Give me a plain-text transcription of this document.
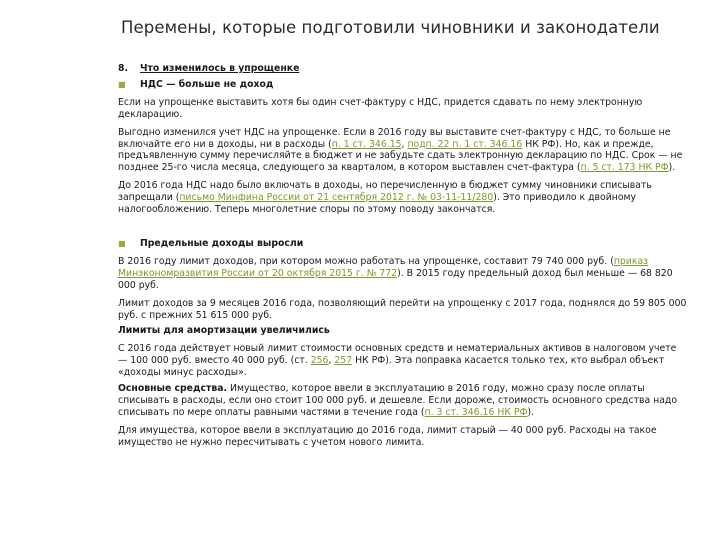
Перемены, которые подготовили чиновники и законодатели
8.	Что изменилось в упрощенке
■	НДС — больше не доход

Если на упрощенке выставить хотя бы один счет-фактуру с НДС, придется сдавать по нему электронную декларацию.

Выгодно изменился учет НДС на упрощенке. Если в 2016 году вы выставите счет-фактуру с НДС, то больше не включайте его ни в доходы, ни в расходы (п. 1 ст. 346.15, подп. 22 п. 1 ст. 346.16 НК РФ). Но, как и прежде, предъявленную сумму перечисляйте в бюджет и не забудьте сдать электронную декларацию по НДС. Срок — не позднее 25-го числа месяца, следующего за кварталом, в котором выставлен счет-фактура (п. 5 ст. 173 НК РФ).

До 2016 года НДС надо было включать в доходы, но перечисленную в бюджет сумму чиновники списывать запрещали (письмо Минфина России от 21 сентября 2012 г. № 03-11-11/280). Это приводило к двойному налогообложению. Теперь многолетние споры по этому поводу закончатся.

■	Предельные доходы выросли

В 2016 году лимит доходов, при котором можно работать на упрощенке, составит 79 740 000 руб. (приказ Минэкономразвития России от 20 октября 2015 г. № 772). В 2015 году предельный доход был меньше — 68 820 000 руб.

Лимит доходов за 9 месяцев 2016 года, позволяющий перейти на упрощенку с 2017 года, поднялся до 59 805 000 руб. с прежних 51 615 000 руб.

Лимиты для амортизации увеличились

С 2016 года действует новый лимит стоимости основных средств и нематериальных активов в налоговом учете — 100 000 руб. вместо 40 000 руб. (ст. 256, 257 НК РФ). Эта поправка касается только тех, кто выбрал объект «доходы минус расходы».

Основные средства. Имущество, которое ввели в эксплуатацию в 2016 году, можно сразу после оплаты списывать в расходы, если оно стоит 100 000 руб. и дешевле. Если дороже, стоимость основного средства надо списывать по мере оплаты равными частями в течение года (п. 3 ст. 346.16 НК РФ).

Для имущества, которое ввели в эксплуатацию до 2016 года, лимит старый — 40 000 руб. Расходы на такое имущество не нужно пересчитывать с учетом нового лимита.
